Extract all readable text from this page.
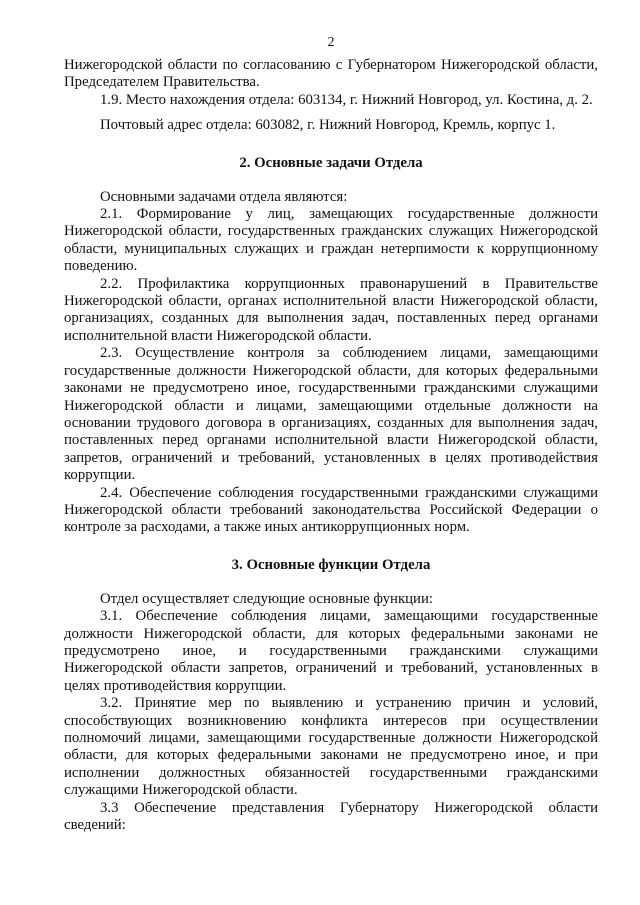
2

Нижегородской области по согласованию с Губернатором Нижегородской области, Председателем Правительства.

1.9. Место нахождения отдела: 603134, г. Нижний Новгород, ул. Костина, д. 2.

Почтовый адрес отдела: 603082, г. Нижний Новгород, Кремль, корпус 1.

2. Основные задачи Отдела

Основными задачами отдела являются:

2.1. Формирование у лиц, замещающих государственные должности Нижегородской области, государственных гражданских служащих Нижегородской области, муниципальных служащих и граждан нетерпимости к коррупционному поведению.

2.2. Профилактика коррупционных правонарушений в Правительстве Нижегородской области, органах исполнительной власти Нижегородской области, организациях, созданных для выполнения задач, поставленных перед органами исполнительной власти Нижегородской области.

2.3. Осуществление контроля за соблюдением лицами, замещающими государственные должности Нижегородской области, для которых федеральными законами не предусмотрено иное, государственными гражданскими служащими Нижегородской области и лицами, замещающими отдельные должности на основании трудового договора в организациях, созданных для выполнения задач, поставленных перед органами исполнительной власти Нижегородской области, запретов, ограничений и требований, установленных в целях противодействия коррупции.

2.4. Обеспечение соблюдения государственными гражданскими служащими Нижегородской области требований законодательства Российской Федерации о контроле за расходами, а также иных антикоррупционных норм.

3. Основные функции Отдела

Отдел осуществляет следующие основные функции:

3.1. Обеспечение соблюдения лицами, замещающими государственные должности Нижегородской области, для которых федеральными законами не предусмотрено иное, и государственными гражданскими служащими Нижегородской области запретов, ограничений и требований, установленных в целях противодействия коррупции.

3.2. Принятие мер по выявлению и устранению причин и условий, способствующих возникновению конфликта интересов при осуществлении полномочий лицами, замещающими государственные должности Нижегородской области, для которых федеральными законами не предусмотрено иное, и при исполнении должностных обязанностей государственными гражданскими служащими Нижегородской области.

3.3 Обеспечение представления Губернатору Нижегородской области сведений:
